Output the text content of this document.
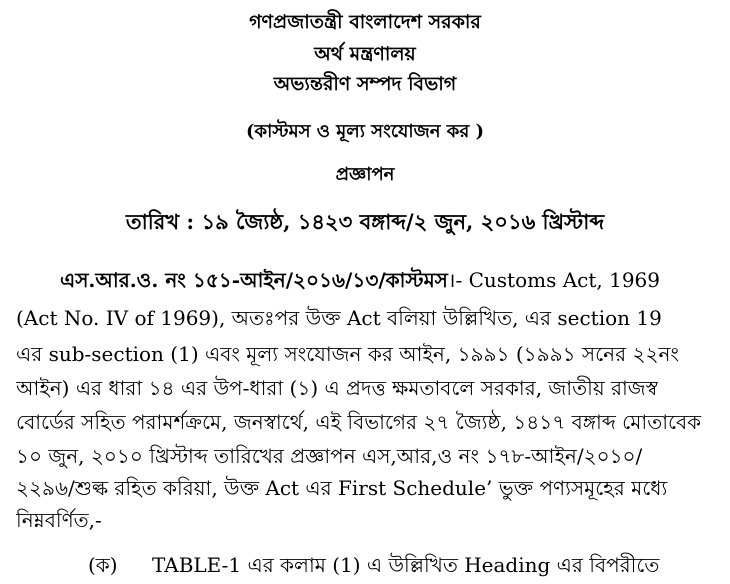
গণপ্রজাতন্ত্রী বাংলাদেশ সরকার
অর্থ মন্ত্রণালয়
অভ্যন্তরীণ সম্পদ বিভাগ
(কাস্টমস ও মূল্য সংযোজন কর )
প্রজ্ঞাপন
তারিখ : ১৯ জ্যৈষ্ঠ, ১৪২৩ বঙ্গাব্দ/২ জুন, ২০১৬ খ্রিস্টাব্দ
এস.আর.ও. নং ১৫১-আইন/২০১৬/১৩/কাস্টমস।- Customs Act, 1969
(Act No. IV of 1969), অতঃপর উক্ত Act বলিয়া উল্লিখিত, এর section 19
এর sub-section (1) এবং মূল্য সংযোজন কর আইন, ১৯৯১ (১৯৯১ সনের ২২নং
আইন) এর ধারা ১৪ এর উপ-ধারা (১) এ প্রদত্ত ক্ষমতাবলে সরকার, জাতীয় রাজস্ব
বোর্ডের সহিত পরামর্শক্রমে, জনস্বার্থে, এই বিভাগের ২৭ জ্যৈষ্ঠ, ১৪১৭ বঙ্গাব্দ মোতাবেক
১০ জুন, ২০১০ খ্রিস্টাব্দ তারিখের প্রজ্ঞাপন এস,আর,ও নং ১৭৮-আইন/২০১০/
২২৯৬/শুল্ক রহিত করিয়া, উক্ত Act এর First Schedule’ ভুক্ত পণ্যসমূহের মধ্যে
নিম্নবর্ণিত,-
(ক) TABLE-1 এর কলাম (1) এ উল্লিখিত Heading এর বিপরীতে
